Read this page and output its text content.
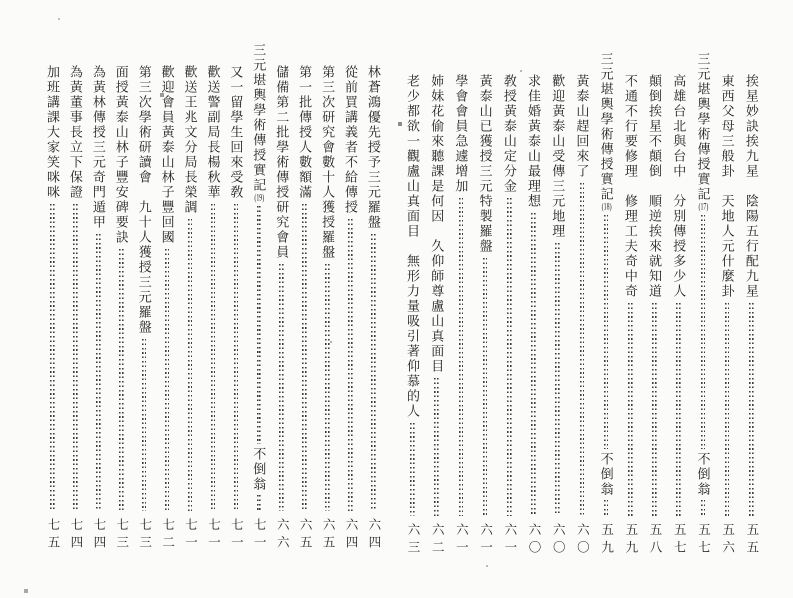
挨星妙訣挨九星　陰陽五行配九星
五五
東西父母三般卦　天地人元什麼卦
五六
三元堪輿學術傳授實記
(17)
不倒翁
五七
高雄台北與台中　分別傳授多少人
五七
顛倒挨星不顛倒　順逆挨來就知道
五八
不通不行要修理　修理工夫奇中奇
五九
三元堪輿學術傳授實記
(18)
不倒翁
五九
黃泰山趕回來了
六〇
歡迎黃泰山受傳三元地理
六〇
求佳婚黃泰山最理想
六〇
敎授黃泰山定分金
六一
黃泰山已獲授三元特製羅盤
六一
學會會員急遽增加
六一
姉妹花偷來聽課是何因　久仰師尊盧山真面目
六二
老少都欲一觀盧山真面目　無形力量吸引著仰慕的人
六三
林蒼鴻優先授予三元羅盤
六四
從前買講義者不給傳授
六四
第三次研究會數十人獲授羅盤
六五
第一批傳授人數額滿
六五
儲備第二批學術傳授研究會員
六六
三元堪輿學術傳授實記
(19)
不倒翁
七一
又一留學生回來受敎
七一
歡送警副局長楊秋華
七一
歡送王兆文分局長榮調
七一
歡迎會員黃泰山林子豐回國
七二
第三次學術研讀會　九十人獲授三元羅盤
七三
面授黃泰山林子豐安碑要訣
七三
為黃林傳授三元奇門遁甲
七四
為黃董事長立下保證
七四
加班講課大家笑咪咪
七五
